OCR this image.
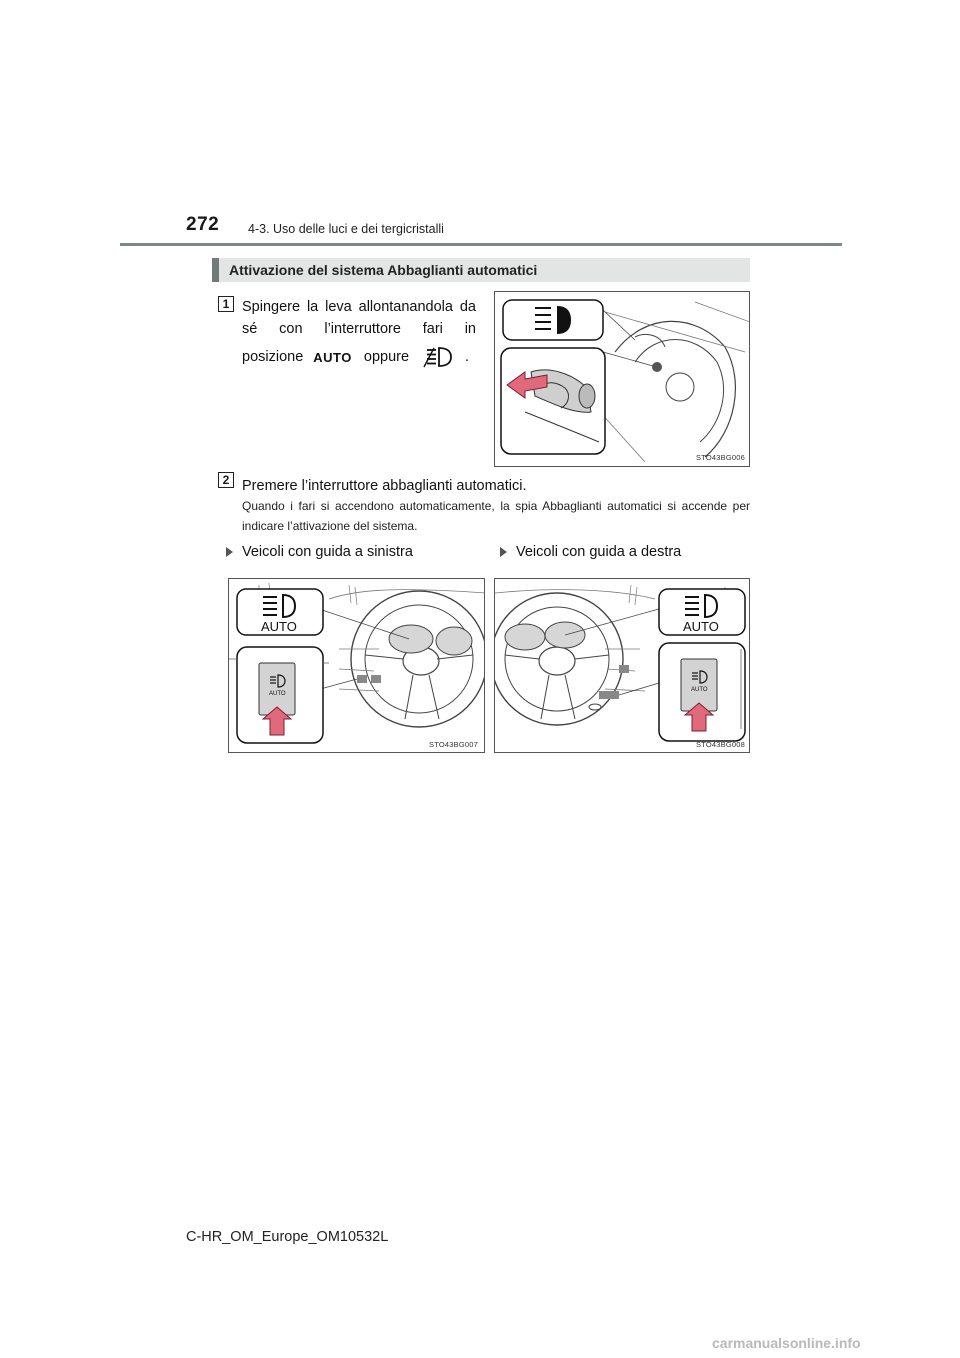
272 4-3. Uso delle luci e dei tergicristalli
Attivazione del sistema Abbaglianti automatici
1 Spingere la leva allontanandola da sé con l’interruttore fari in
posizione AUTO oppure	.
STO43BG006
2 Premere l’interruttore abbaglianti automatici.
Quando i fari si accendono automaticamente, la spia Abbaglianti automatici si accende per indicare l’attivazione del sistema.
Veicoli con guida a sinistra	Veicoli con guida a destra
AUTO
AUTO
STO43BG007
AUTO
AUTO
STO43BG008
C-HR_OM_Europe_OM10532L
carmanualsonline.info
